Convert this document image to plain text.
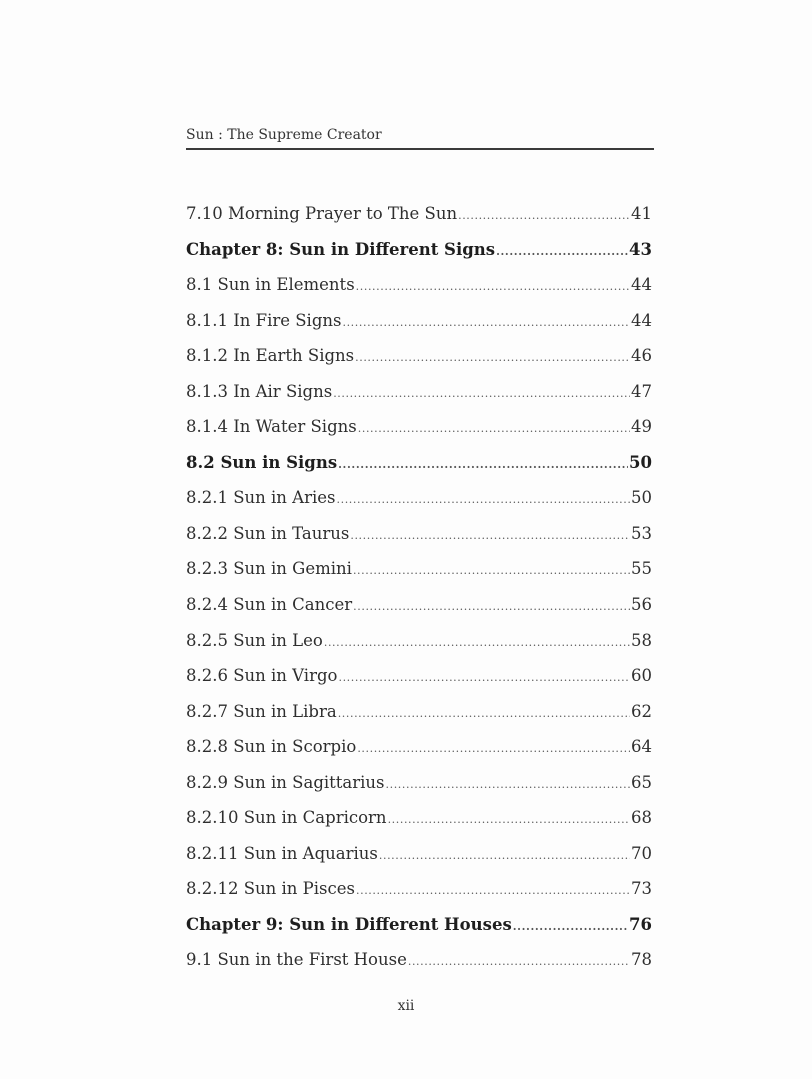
Sun : The Supreme Creator
7.10 Morning Prayer to The Sun .....	41
Chapter 8: Sun in Different Signs .....	43
8.1 Sun in Elements .....	44
8.1.1 In Fire Signs .....	44
8.1.2 In Earth Signs .....	46
8.1.3 In Air Signs .....	47
8.1.4 In Water Signs .....	49
8.2 Sun in Signs .....	50
8.2.1 Sun in Aries .....	50
8.2.2 Sun in Taurus .....	53
8.2.3 Sun in Gemini .....	55
8.2.4 Sun in Cancer .....	56
8.2.5 Sun in Leo .....	58
8.2.6 Sun in Virgo .....	60
8.2.7 Sun in Libra .....	62
8.2.8 Sun in Scorpio .....	64
8.2.9 Sun in Sagittarius .....	65
8.2.10 Sun in Capricorn .....	68
8.2.11 Sun in Aquarius .....	70
8.2.12 Sun in Pisces .....	73
Chapter 9: Sun in Different Houses .....	76
9.1 Sun in the First House .....	78
xii
